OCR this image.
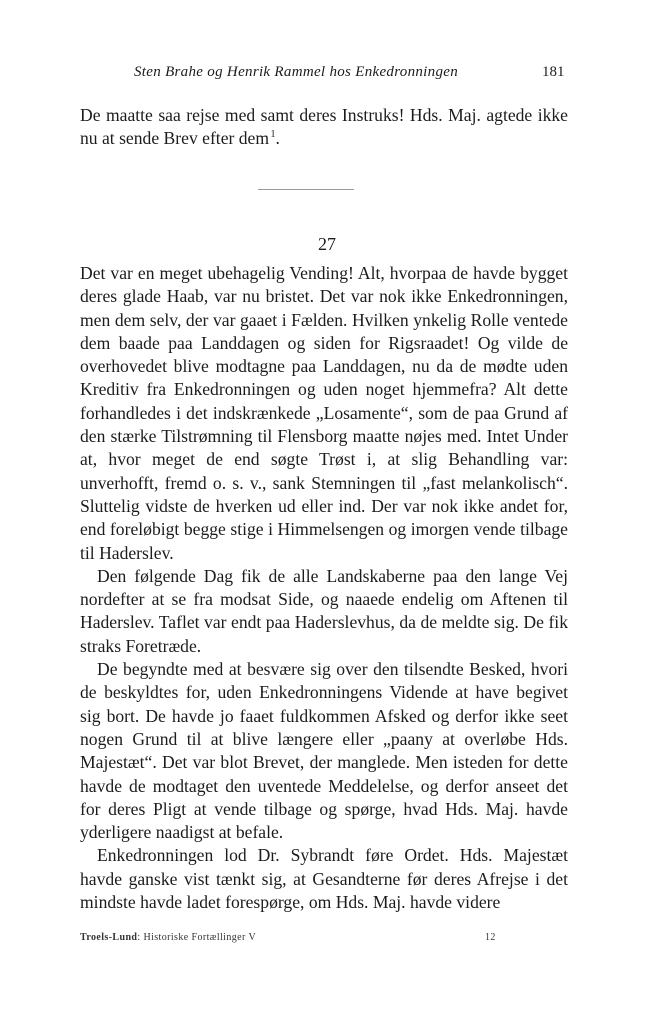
Sten Brahe og Henrik Rammel hos Enkedronningen	181

De maatte saa rejse med samt deres Instruks! Hds. Maj. agtede ikke nu at sende Brev efter dem $^1$.

27

Det var en meget ubehagelig Vending! Alt, hvorpaa de havde bygget deres glade Haab, var nu bristet. Det var nok ikke Enkedronningen, men dem selv, der var gaaet i Fælden. Hvilken ynkelig Rolle ventede dem baade paa Landdagen og siden for Rigsraadet! Og vilde de overhovedet blive modtagne paa Landdagen, nu da de mødte uden Kreditiv fra Enkedronningen og uden noget hjemmefra? Alt dette forhandledes i det indskrænkede „Losamente“, som de paa Grund af den stærke Tilstrømning til Flensborg maatte nøjes med. Intet Under at, hvor meget de end søgte Trøst i, at slig Behandling var: unverhofft, fremd o. s. v., sank Stemningen til „fast melankolisch“. Sluttelig vidste de hverken ud eller ind. Der var nok ikke andet for, end foreløbigt begge stige i Himmelsengen og imorgen vende tilbage til Haderslev.

Den følgende Dag fik de alle Landskaberne paa den lange Vej nordefter at se fra modsat Side, og naaede endelig om Aftenen til Haderslev. Taflet var endt paa Haderslevhus, da de meldte sig. De fik straks Foretræde.

De begyndte med at besvære sig over den tilsendte Besked, hvori de beskyldtes for, uden Enkedronningens Vidende at have begivet sig bort. De havde jo faaet fuldkommen Afsked og derfor ikke seet nogen Grund til at blive længere eller „paany at overløbe Hds. Majestæt“. Det var blot Brevet, der manglede. Men isteden for dette havde de modtaget den uventede Meddelelse, og derfor anseet det for deres Pligt at vende tilbage og spørge, hvad Hds. Maj. havde yderligere naadigst at befale.

Enkedronningen lod Dr. Sybrandt føre Ordet. Hds. Majestæt havde ganske vist tænkt sig, at Gesandterne før deres Afrejse i det mindste havde ladet forespørge, om Hds. Maj. havde videre

Troels-Lund: Historiske Fortællinger V	12
